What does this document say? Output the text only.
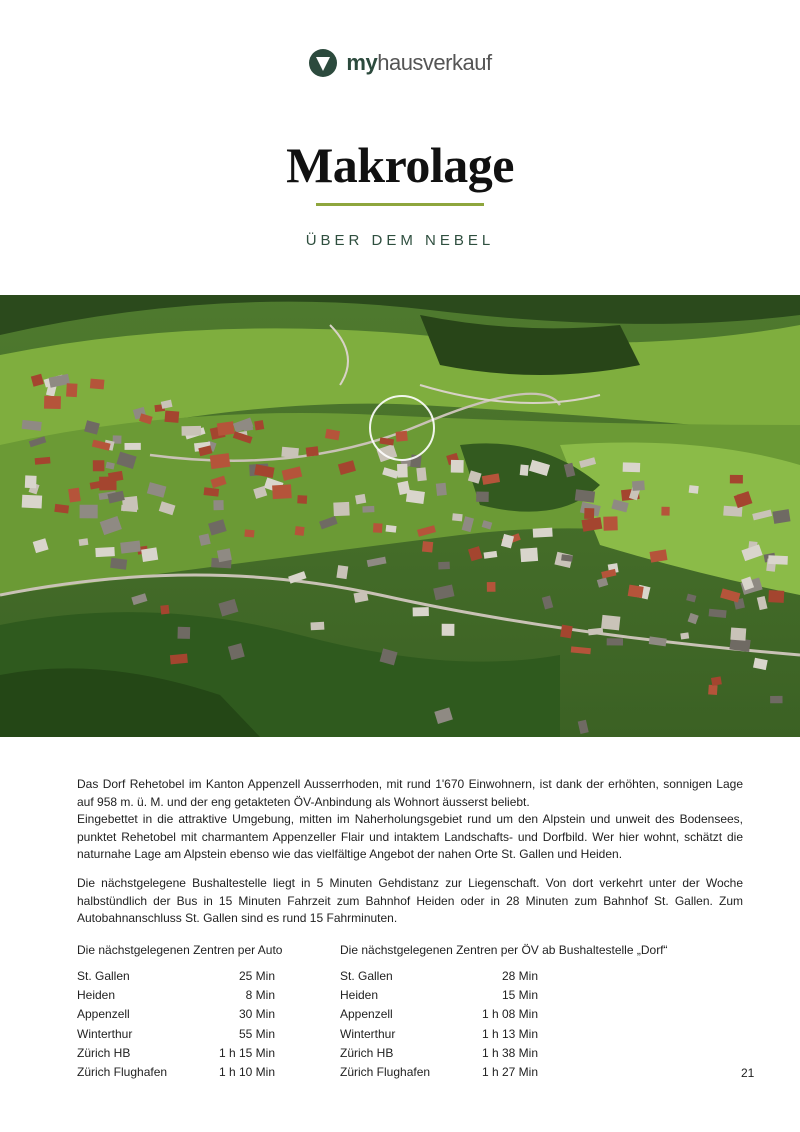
myhausverkauf
Makrolage
ÜBER DEM NEBEL

Das Dorf Rehetobel im Kanton Appenzell Ausserrhoden, mit rund 1'670 Einwohnern, ist dank der erhöhten, sonnigen Lage auf 958 m. ü. M. und der eng getakteten ÖV-Anbindung als Wohnort äusserst beliebt.
Eingebettet in die attraktive Umgebung, mitten im Naherholungsgebiet rund um den Alpstein und unweit des Bodensees, punktet Rehetobel mit charmantem Appenzeller Flair und intaktem Landschafts- und Dorfbild. Wer hier wohnt, schätzt die naturnahe Lage am Alpstein ebenso wie das vielfältige Angebot der nahen Orte St. Gallen und Heiden.

Die nächstgelegene Bushaltestelle liegt in 5 Minuten Gehdistanz zur Liegenschaft. Von dort verkehrt unter der Woche halbstündlich der Bus in 15 Minuten Fahrzeit zum Bahnhof Heiden oder in 28 Minuten zum Bahnhof St. Gallen. Zum Autobahnanschluss St. Gallen sind es rund 15 Fahrminuten.

Die nächstgelegenen Zentren per Auto	Die nächstgelegenen Zentren per ÖV ab Bushaltestelle „Dorf“
St. Gallen	25 Min
Heiden	8 Min
Appenzell	30 Min
Winterthur	55 Min
Zürich HB	1 h 15 Min
Zürich Flughafen	1 h 10 Min
St. Gallen	28 Min
Heiden	15 Min
Appenzell	1 h 08 Min
Winterthur	1 h 13 Min
Zürich HB	1 h 38 Min
Zürich Flughafen	1 h 27 Min	21
